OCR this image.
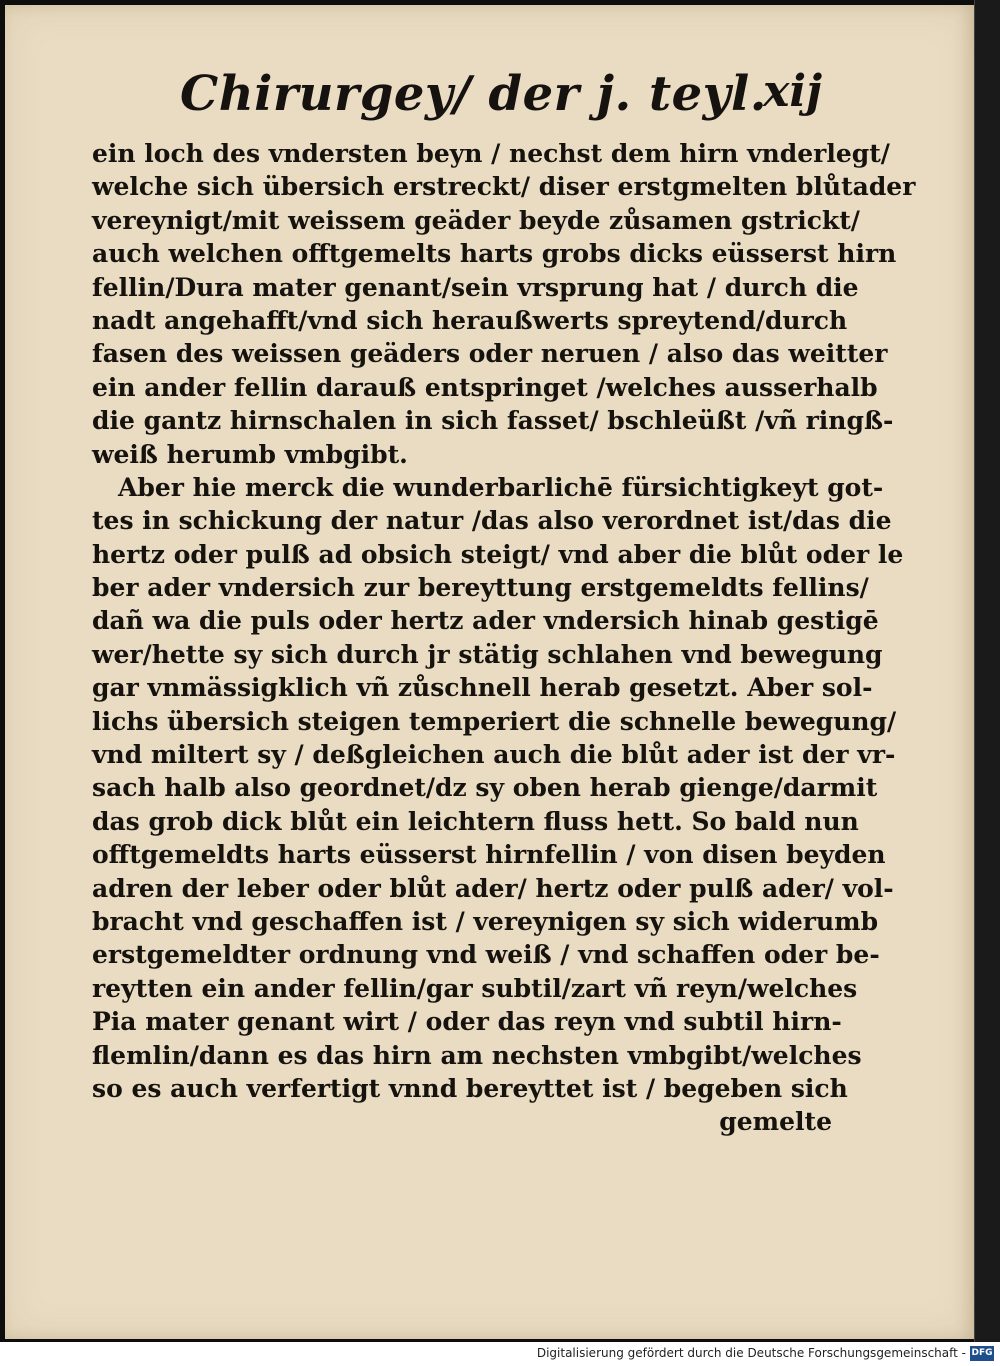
Chirurgey/ der j. teyl.
xij
ein loch des vndersten beyn / nechst dem hirn vnderlegt/
welche sich übersich erstreckt/ diser erstgmelten blůtader
vereynigt/mit weissem geäder beyde zůsamen gstrickt/
auch welchen offtgemelts harts grobs dicks eüsserst hirn
fellin/Dura mater genant/sein vrsprung hat / durch die
nadt angehafft/vnd sich heraußwerts spreytend/durch
fasen des weissen geäders oder neruen / also das weitter
ein ander fellin darauß entspringet /welches ausserhalb
die gantz hirnschalen in sich fasset/ bschleüßt /vñ ringß-
weiß herumb vmbgibt.
Aber hie merck die wunderbarlichē fürsichtigkeyt got-
tes in schickung der natur /das also verordnet ist/das die
hertz oder pulß ad obsich steigt/ vnd aber die blůt oder le
ber ader vndersich zur bereyttung erstgemeldts fellins/
dañ wa die puls oder hertz ader vndersich hinab gestigē
wer/hette sy sich durch jr stätig schlahen vnd bewegung
gar vnmässigklich vñ zůschnell herab gesetzt. Aber sol-
lichs übersich steigen temperiert die schnelle bewegung/
vnd miltert sy / deßgleichen auch die blůt ader ist der vr-
sach halb also geordnet/dz sy oben herab gienge/darmit
das grob dick blůt ein leichtern fluss hett. So bald nun
offtgemeldts harts eüsserst hirnfellin / von disen beyden
adren der leber oder blůt ader/ hertz oder pulß ader/ vol-
bracht vnd geschaffen ist / vereynigen sy sich widerumb
erstgemeldter ordnung vnd weiß / vnd schaffen oder be-
reytten ein ander fellin/gar subtil/zart vñ reyn/welches
Pia mater genant wirt / oder das reyn vnd subtil hirn-
flemlin/dann es das hirn am nechsten vmbgibt/welches
so es auch verfertigt vnnd bereyttet ist / begeben sich
gemelte
Digitalisierung gefördert durch die Deutsche Forschungsgemeinschaft - DFG
